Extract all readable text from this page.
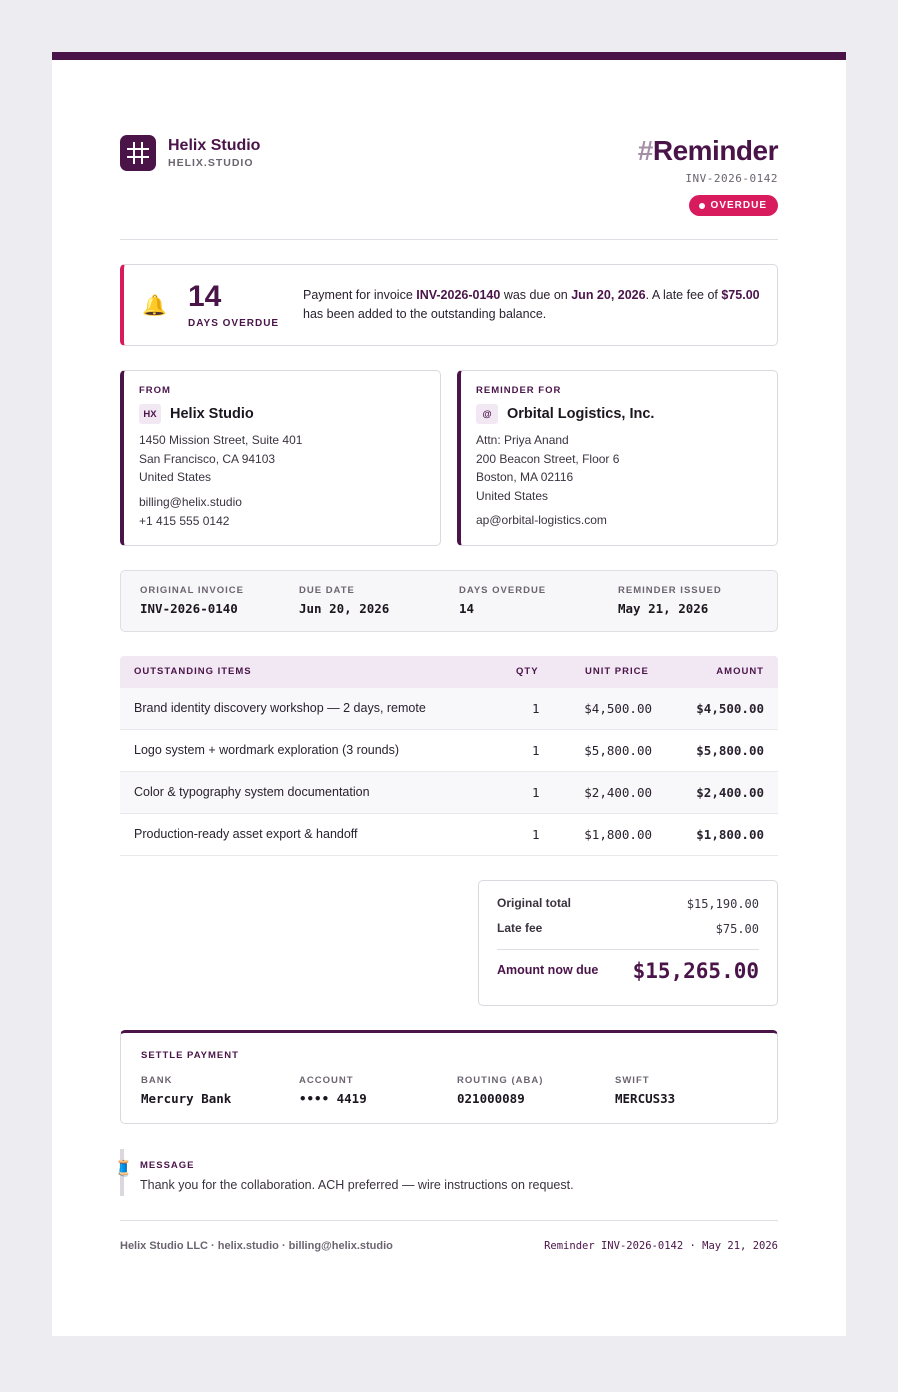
Helix Studio
HELIX.STUDIO	#Reminder
INV-2026-0142
OVERDUE
🔔 14
DAYS OVERDUE
Payment for invoice INV-2026-0140 was due on Jun 20, 2026. A late fee of $75.00 has been added to the outstanding balance.
FROM
HX Helix Studio
1450 Mission Street, Suite 401
San Francisco, CA 94103
United States
billing@helix.studio
+1 415 555 0142
REMINDER FOR
@	Orbital Logistics, Inc.
Attn: Priya Anand
200 Beacon Street, Floor 6
Boston, MA 02116
United States
ap@orbital-logistics.com
ORIGINAL INVOICE
INV-2026-0140
DUE DATE
Jun 20, 2026
DAYS OVERDUE
14
REMINDER ISSUED
May 21, 2026
OUTSTANDING ITEMS	QTY	UNIT PRICE	AMOUNT
Brand identity discovery workshop — 2 days, remote	1	$4,500.00	$4,500.00
Logo system + wordmark exploration (3 rounds)	1	$5,800.00	$5,800.00
Color & typography system documentation	1	$2,400.00	$2,400.00
Production-ready asset export & handoff	1	$1,800.00	$1,800.00
Original total	$15,190.00
Late fee	$75.00
Amount now due $15,265.00
SETTLE PAYMENT
BANK
Mercury Bank
ACCOUNT
•••• 4419
ROUTING (ABA)
021000089
SWIFT
MERCUS33
🧵 MESSAGE
Thank you for the collaboration. ACH preferred — wire instructions on request.
Helix Studio LLC · helix.studio · billing@helix.studio	Reminder INV-2026-0142 · May 21, 2026
